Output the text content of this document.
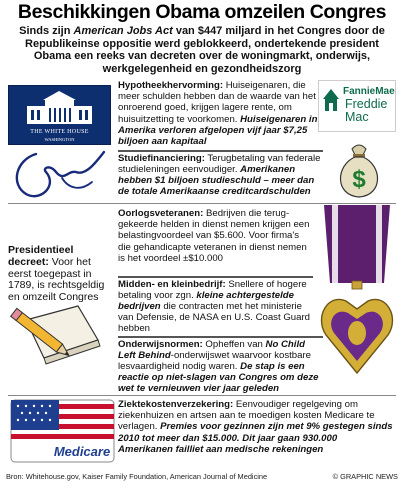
Beschikkingen Obama omzeilen Congres
Sinds zijn American Jobs Act van $447 miljard in het Congres door de Republikeinse oppositie werd geblokkeerd, ondertekende president Obama een reeks van decreten over de woningmarkt, onderwijs, werkgelegenheid en gezondheidszorg
THE WHITE HOUSE
WASHINGTON
Presidentieel decreet: Voor het eerst toegepast in 1789, is rechtsgeldig en omzeilt Congres
Hypotheekhervorming: Huiseigenaren, die meer schulden hebben dan de waarde van het onroerend goed, krijgen lagere rente, om huisuitzetting te voorkomen. Huiseigenaren in Amerika verloren afgelopen vijf jaar $7,25 biljoen aan kapitaal
Studiefinanciering: Terugbetaling van federale studieleningen eenvoudiger. Amerikanen hebben $1 biljoen studieschuld – meer dan de totale Amerikaanse creditcardschulden
Oorlogsveteranen: Bedrijven die teruggekeerde helden in dienst nemen krijgen een belastingvoordeel van $5.600. Voor firma's die gehandicapte veteranen in dienst nemen is het voordeel ±$10.000
Midden- en kleinbedrijf: Snellere of hogere betaling voor zgn. kleine achtergestelde bedrijven die contracten met het ministerie van Defensie, de NASA en U.S. Coast Guard hebben
Onderwijsnormen: Opheffen van No Child Left Behind-onderwijswet waarvoor kostbare lesvaardigheid nodig waren. De stap is een reactie op niet-slagen van Congres om deze wet te vernieuwen vier jaar geleden
Ziektekostenverzekering: Eenvoudiger regelgeving om ziekenhuizen en artsen aan te moedigen kosten Medicare te verlagen. Premies voor gezinnen zijn met 9% gestegen sinds 2010 tot meer dan $15.000. Dit jaar gaan 930.000 Amerikanen failliet aan medische rekeningen
FannieMae
Freddie Mac
$
Medicare
Bron: Whitehouse.gov, Kaiser Family Foundation, American Journal of Medicine	© GRAPHIC NEWS
